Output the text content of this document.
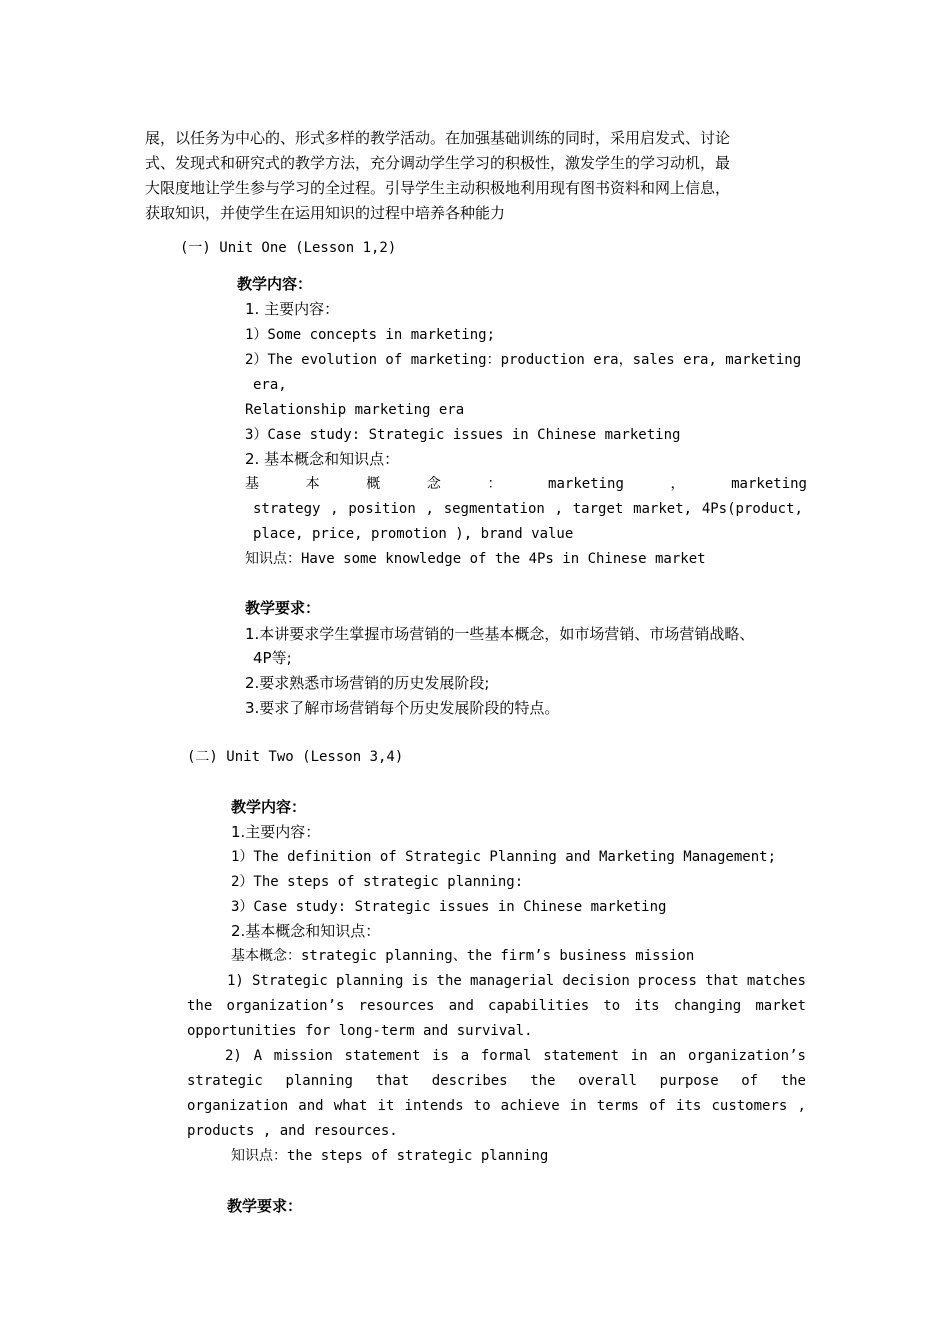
展，以任务为中心的、形式多样的教学活动。在加强基础训练的同时，采用启发式、讨论
式、发现式和研究式的教学方法，充分调动学生学习的积极性，激发学生的学习动机，最
大限度地让学生参与学习的全过程。引导学生主动积极地利用现有图书资料和网上信息，
获取知识，并使学生在运用知识的过程中培养各种能力
(一) Unit One (Lesson 1,2)
教学内容：
1. 主要内容：
1）Some concepts in marketing;
2）The evolution of marketing：production era，sales era, marketing
era,
Relationship marketing era
3）Case study: Strategic issues in Chinese marketing
2. 基本概念和知识点：
基	本	概	念	：	marketing	，	marketing
strategy , position , segmentation , target market, 4Ps(product,
place, price, promotion ), brand value
知识点：Have some knowledge of the 4Ps in Chinese market
教学要求：
1.本讲要求学生掌握市场营销的一些基本概念，如市场营销、市场营销战略、
4P等;
2.要求熟悉市场营销的历史发展阶段;
3.要求了解市场营销每个历史发展阶段的特点。
(二) Unit Two (Lesson 3,4)
教学内容：
1.主要内容：
1）The definition of Strategic Planning and Marketing Management;
2）The steps of strategic planning:
3）Case study: Strategic issues in Chinese marketing
2.基本概念和知识点：
基本概念：strategic planning、the firm’s business mission
1) Strategic planning is the managerial decision process that matches
the organization’s resources and capabilities to its changing market
opportunities for long-term and survival.
2) A mission statement is a formal statement in an organization’s
strategic planning that describes the overall purpose of the
organization and what it intends to achieve in terms of its customers ,
products , and resources.
知识点：the steps of strategic planning
教学要求：
